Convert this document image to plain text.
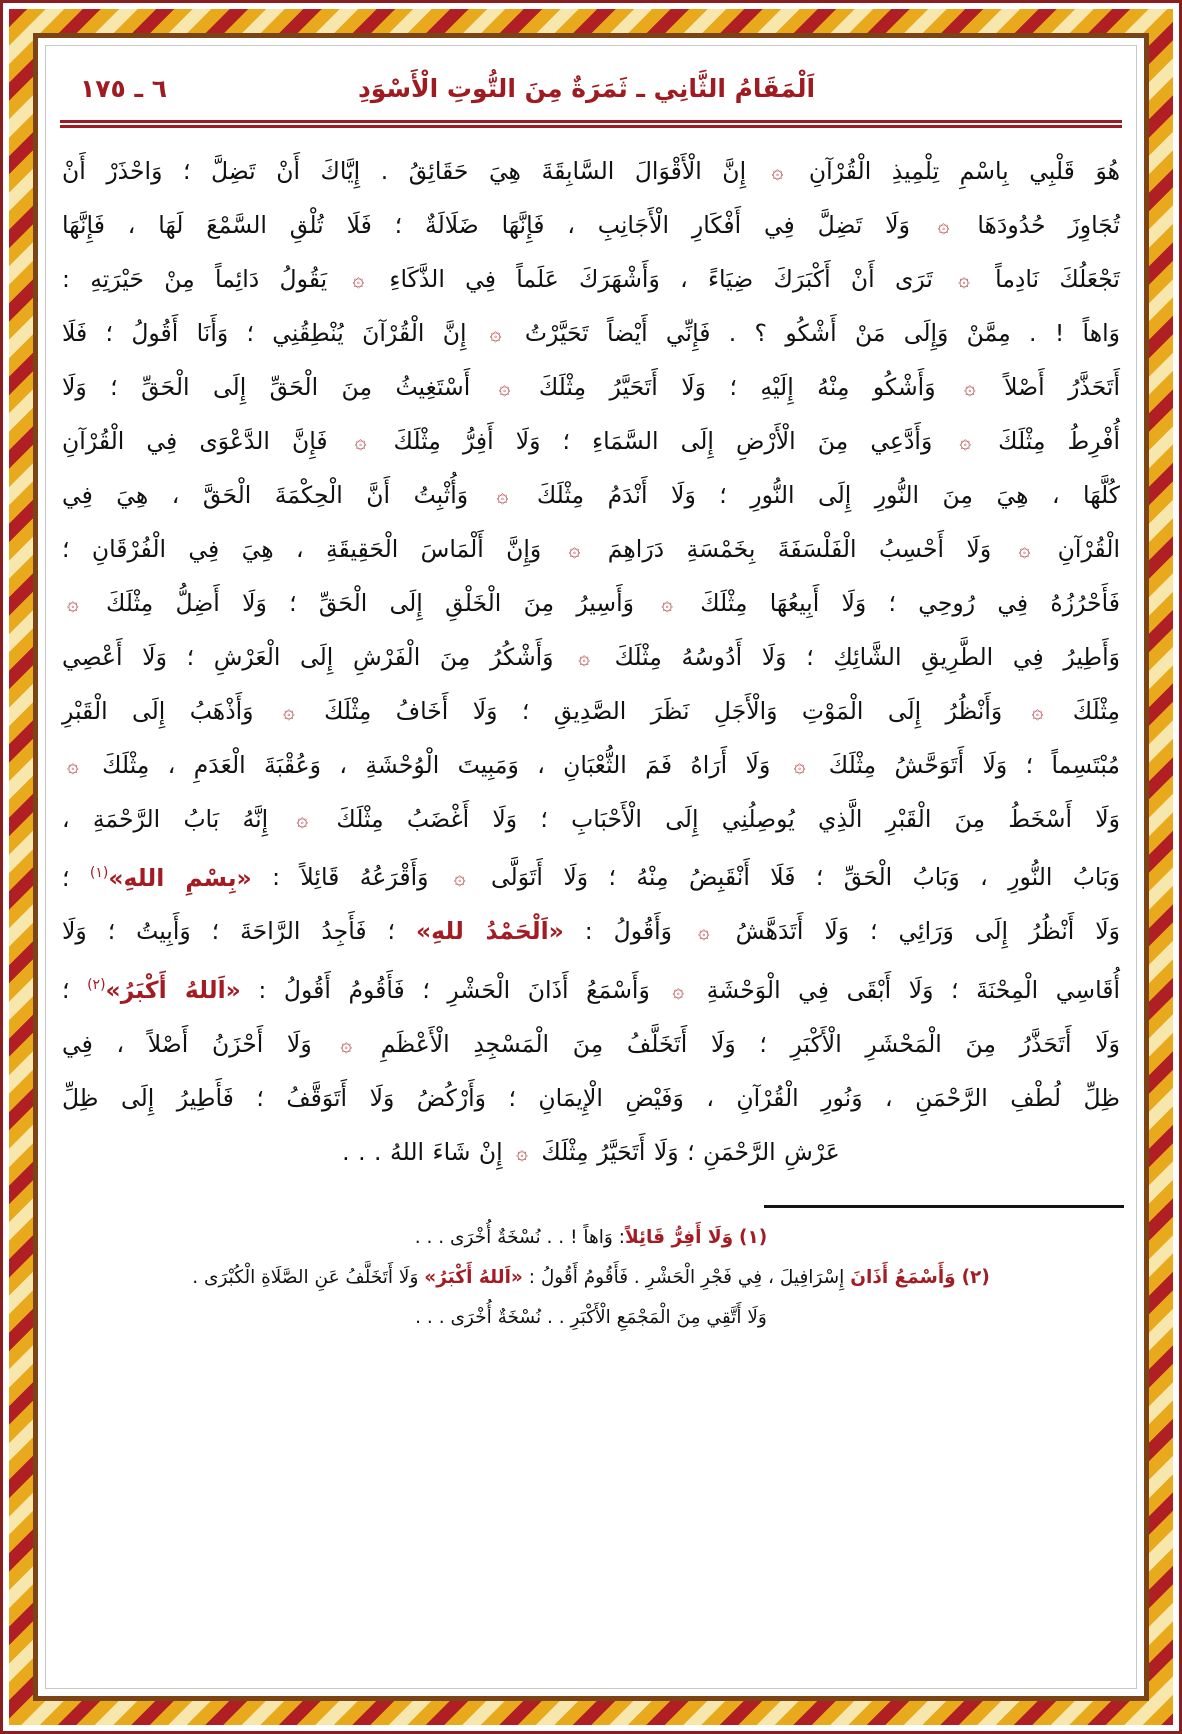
اَلْمَقَامُ الثَّانِي ـ ثَمَرَةٌ مِنَ التُّوتِ الْأَسْوَدِ
٦ ـ ١٧٥
هُوَ قَلْبِي بِاسْمِ تِلْمِيذِ الْقُرْآنِ ۞ إِنَّ الْأَقْوَالَ السَّابِقَةَ هِيَ حَقَائِقُ . إِيَّاكَ أَنْ تَضِلَّ ؛ وَاحْذَرْ أَنْ
تُجَاوِزَ حُدُودَهَا ۞ وَلَا تَضِلَّ فِي أَفْكَارِ الْأَجَانِبِ ، فَإِنَّهَا ضَلَالَةٌ ؛ فَلَا تُلْقِ السَّمْعَ لَهَا ، فَإِنَّهَا
تَجْعَلُكَ نَادِماً ۞ تَرَى أَنْ أَكْبَرَكَ ضِيَاءً ، وَأَشْهَرَكَ عَلَماً فِي الذَّكَاءِ ۞ يَقُولُ دَائِماً مِنْ حَيْرَتِهِ :
وَاهاً ! . مِمَّنْ وَإِلَى مَنْ أَشْكُو ؟ . فَإِنِّي أَيْضاً تَحَيَّرْتُ ۞ إِنَّ الْقُرْآنَ يُنْطِقُنِي ؛ وَأَنَا أَقُولُ ؛ فَلَا
أَتَحَذَّرُ أَصْلاً ۞ وَأَشْكُو مِنْهُ إِلَيْهِ ؛ وَلَا أَتَحَيَّرُ مِثْلَكَ ۞ أَسْتَغِيثُ مِنَ الْحَقِّ إِلَى الْحَقِّ ؛ وَلَا
أُفْرِطُ مِثْلَكَ ۞ وَأَدَّعِي مِنَ الْأَرْضِ إِلَى السَّمَاءِ ؛ وَلَا أَفِرُّ مِثْلَكَ ۞ فَإِنَّ الدَّعْوَى فِي الْقُرْآنِ
كُلَّهَا ، هِيَ مِنَ النُّورِ إِلَى النُّورِ ؛ وَلَا أَنْدَمُ مِثْلَكَ ۞ وَأُثْبِتُ أَنَّ الْحِكْمَةَ الْحَقَّ ، هِيَ فِي
الْقُرْآنِ ۞ وَلَا أَحْسِبُ الْفَلْسَفَةَ بِخَمْسَةِ دَرَاهِمَ ۞ وَإِنَّ أَلْمَاسَ الْحَقِيقَةِ ، هِيَ فِي الْفُرْقَانِ ؛
فَأَحْرُزُهُ فِي رُوحِي ؛ وَلَا أَبِيعُهَا مِثْلَكَ ۞ وَأَسِيرُ مِنَ الْخَلْقِ إِلَى الْحَقِّ ؛ وَلَا أَضِلُّ مِثْلَكَ ۞
وَأَطِيرُ فِي الطَّرِيقِ الشَّائِكِ ؛ وَلَا أَدُوسُهُ مِثْلَكَ ۞ وَأَشْكُرُ مِنَ الْفَرْشِ إِلَى الْعَرْشِ ؛ وَلَا أَعْصِي
مِثْلَكَ ۞ وَأَنْظُرُ إِلَى الْمَوْتِ وَالْأَجَلِ نَظَرَ الصَّدِيقِ ؛ وَلَا أَخَافُ مِثْلَكَ ۞ وَأَذْهَبُ إِلَى الْقَبْرِ
مُبْتَسِماً ؛ وَلَا أَتَوَحَّشُ مِثْلَكَ ۞ وَلَا أَرَاهُ فَمَ الثُّعْبَانِ ، وَمَبِيتَ الْوُحْشَةِ ، وَعُقْبَةَ الْعَدَمِ ، مِثْلَكَ ۞
وَلَا أَسْخَطُ مِنَ الْقَبْرِ الَّذِي يُوصِلُنِي إِلَى الْأَحْبَابِ ؛ وَلَا أَغْضَبُ مِثْلَكَ ۞ إِنَّهُ بَابُ الرَّحْمَةِ ،
وَبَابُ النُّورِ ، وَبَابُ الْحَقِّ ؛ فَلَا أَنْقَبِضُ مِنْهُ ؛ وَلَا أَتَوَلَّى ۞ وَأَقْرَعُهُ قَائِلاً : «بِسْمِ اللهِ»$^{(١)}$ ؛
وَلَا أَنْظُرُ إِلَى وَرَائِي ؛ وَلَا أَتَدَهَّشُ ۞ وَأَقُولُ : «اَلْحَمْدُ للهِ» ؛ فَأَجِدُ الرَّاحَةَ ؛ وَأَبِيتُ ؛ وَلَا
أُقَاسِي الْمِحْنَةَ ؛ وَلَا أَبْقَى فِي الْوَحْشَةِ ۞ وَأَسْمَعُ أَذَانَ الْحَشْرِ ؛ فَأَقُومُ أَقُولُ : «اَللهُ أَكْبَرُ»$^{(٢)}$ ؛
وَلَا أَتَحَذَّرُ مِنَ الْمَحْشَرِ الْأَكْبَرِ ؛ وَلَا أَتَخَلَّفُ مِنَ الْمَسْجِدِ الْأَعْظَمِ ۞ وَلَا أَحْزَنُ أَصْلاً ، فِي
ظِلِّ لُطْفِ الرَّحْمَنِ ، وَنُورِ الْقُرْآنِ ، وَفَيْضِ الْإِيمَانِ ؛ وَأَرْكُضُ وَلَا أَتَوَقَّفُ ؛ فَأَطِيرُ إِلَى ظِلِّ
عَرْشِ الرَّحْمَنِ ؛ وَلَا أَتَحَيَّرُ مِثْلَكَ ۞ إِنْ شَاءَ اللهُ . . .
(١) وَلَا أَفِرُّ قَائِلاً: وَاهاً ! . . نُسْخَةٌ أُخْرَى . . .
(٢) وَأَسْمَعُ أَذَانَ إِسْرَافِيلَ ، فِي فَجْرِ الْحَشْرِ . فَأَقُومُ أَقُولُ : «اَللهُ أَكْبَرُ» وَلَا أَتَخَلَّفُ عَنِ الصَّلَاةِ الْكُبْرَى .
وَلَا أَتَّقِي مِنَ الْمَجْمَعِ الْأَكْبَرِ . . نُسْخَةٌ أُخْرَى . . .
